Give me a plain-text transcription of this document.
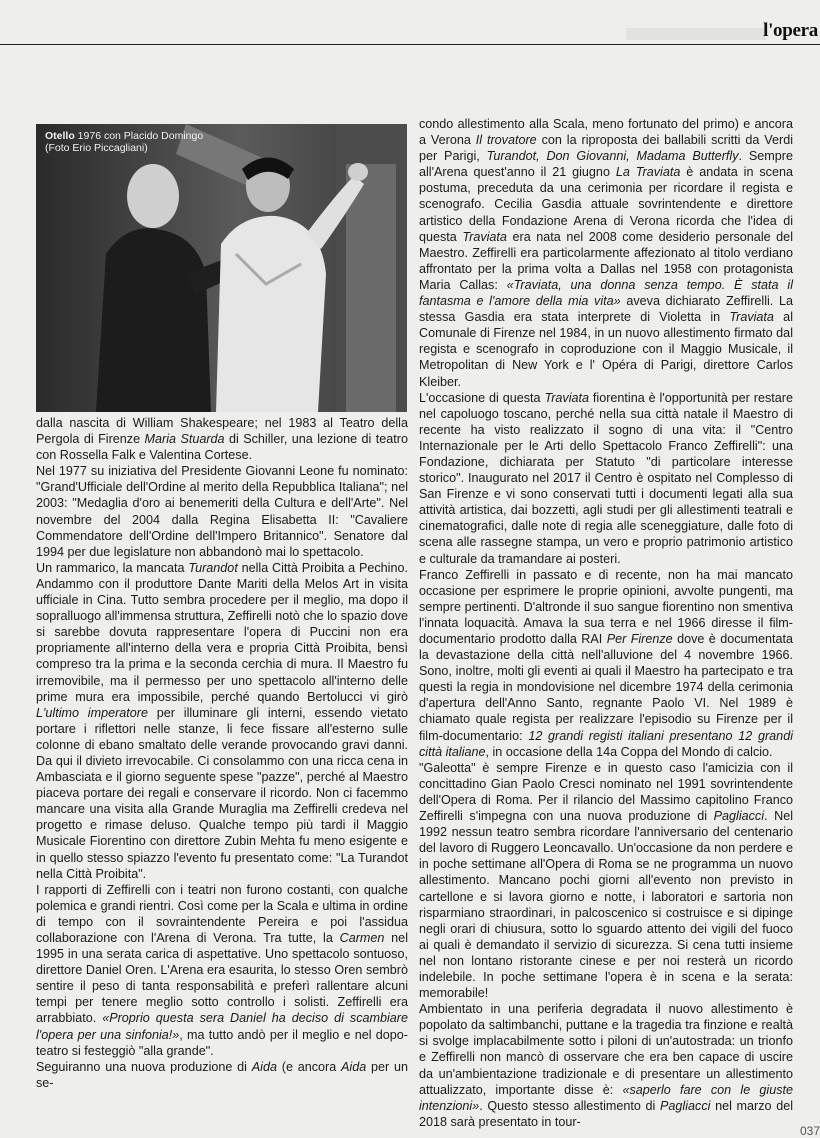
l'opera
Otello 1976 con Placido Domingo
(Foto Erio Piccagliani)

dalla nascita di William Shakespeare; nel 1983 al Teatro della Pergola di Firenze Maria Stuarda di Schiller, una lezione di teatro con Rossella Falk e Valentina Cortese.

Nel 1977 su iniziativa del Presidente Giovanni Leone fu nominato: "Grand'Ufficiale dell'Ordine al merito della Repubblica Italiana"; nel 2003: "Medaglia d'oro ai benemeriti della Cultura e dell'Arte". Nel novembre del 2004 dalla Regina Elisabetta II: "Cavaliere Commendatore dell'Ordine dell'Impero Britannico". Senatore dal 1994 per due legislature non abbandonò mai lo spettacolo.

Un rammarico, la mancata Turandot nella Città Proibita a Pechino. Andammo con il produttore Dante Mariti della Melos Art in visita ufficiale in Cina. Tutto sembra procedere per il meglio, ma dopo il sopralluogo all'immensa struttura, Zeffirelli notò che lo spazio dove si sarebbe dovuta rappresentare l'opera di Puccini non era propriamente all'interno della vera e propria Città Proibita, bensì compreso tra la prima e la seconda cerchia di mura. Il Maestro fu irremovibile, ma il permesso per uno spettacolo all'interno delle prime mura era impossibile, perché quando Bertolucci vi girò L'ultimo imperatore per illuminare gli interni, essendo vietato portare i riflettori nelle stanze, li fece fissare all'esterno sulle colonne di ebano smaltato delle verande provocando gravi danni. Da qui il divieto irrevocabile. Ci consolammo con una ricca cena in Ambasciata e il giorno seguente spese "pazze", perché al Maestro piaceva portare dei regali e conservare il ricordo. Non ci facemmo mancare una visita alla Grande Muraglia ma Zeffirelli credeva nel progetto e rimase deluso. Qualche tempo più tardi il Maggio Musicale Fiorentino con direttore Zubin Mehta fu meno esigente e in quello stesso spiazzo l'evento fu presentato come: "La Turandot nella Città Proibita".

I rapporti di Zeffirelli con i teatri non furono costanti, con qualche polemica e grandi rientri. Così come per la Scala e ultima in ordine di tempo con il sovraintendente Pereira e poi l'assidua collaborazione con l'Arena di Verona. Tra tutte, la Carmen nel 1995 in una serata carica di aspettative. Uno spettacolo sontuoso, direttore Daniel Oren. L'Arena era esaurita, lo stesso Oren sembrò sentire il peso di tanta responsabilità e preferì rallentare alcuni tempi per tenere meglio sotto controllo i solisti. Zeffirelli era arrabbiato. «Proprio questa sera Daniel ha deciso di scambiare l'opera per una sinfonia!», ma tutto andò per il meglio e nel dopo-teatro si festeggiò "alla grande".

Seguiranno una nuova produzione di Aida (e ancora Aida per un se-

condo allestimento alla Scala, meno fortunato del primo) e ancora a Verona Il trovatore con la riproposta dei ballabili scritti da Verdi per Parigi, Turandot, Don Giovanni, Madama Butterfly. Sempre all'Arena quest'anno il 21 giugno La Traviata è andata in scena postuma, preceduta da una cerimonia per ricordare il regista e scenografo. Cecilia Gasdia attuale sovrintendente e direttore artistico della Fondazione Arena di Verona ricorda che l'idea di questa Traviata era nata nel 2008 come desiderio personale del Maestro. Zeffirelli era particolarmente affezionato al titolo verdiano affrontato per la prima volta a Dallas nel 1958 con protagonista Maria Callas: «Traviata, una donna senza tempo. È stata il fantasma e l'amore della mia vita» aveva dichiarato Zeffirelli. La stessa Gasdia era stata interprete di Violetta in Traviata al Comunale di Firenze nel 1984, in un nuovo allestimento firmato dal regista e scenografo in coproduzione con il Maggio Musicale, il Metropolitan di New York e l' Opéra di Parigi, direttore Carlos Kleiber.

L'occasione di questa Traviata fiorentina è l'opportunità per restare nel capoluogo toscano, perché nella sua città natale il Maestro di recente ha visto realizzato il sogno di una vita: il "Centro Internazionale per le Arti dello Spettacolo Franco Zeffirelli": una Fondazione, dichiarata per Statuto "di particolare interesse storico". Inaugurato nel 2017 il Centro è ospitato nel Complesso di San Firenze e vi sono conservati tutti i documenti legati alla sua attività artistica, dai bozzetti, agli studi per gli allestimenti teatrali e cinematografici, dalle note di regia alle sceneggiature, dalle foto di scena alle rassegne stampa, un vero e proprio patrimonio artistico e culturale da tramandare ai posteri.

Franco Zeffirelli in passato e di recente, non ha mai mancato occasione per esprimere le proprie opinioni, avvolte pungenti, ma sempre pertinenti. D'altronde il suo sangue fiorentino non smentiva l'innata loquacità. Amava la sua terra e nel 1966 diresse il film-documentario prodotto dalla RAI Per Firenze dove è documentata la devastazione della città nell'alluvione del 4 novembre 1966. Sono, inoltre, molti gli eventi ai quali il Maestro ha partecipato e tra questi la regia in mondovisione nel dicembre 1974 della cerimonia d'apertura dell'Anno Santo, regnante Paolo VI. Nel 1989 è chiamato quale regista per realizzare l'episodio su Firenze per il film-documentario: 12 grandi registi italiani presentano 12 grandi città italiane, in occasione della 14a Coppa del Mondo di calcio.

"Galeotta" è sempre Firenze e in questo caso l'amicizia con il concittadino Gian Paolo Cresci nominato nel 1991 sovrintendente dell'Opera di Roma. Per il rilancio del Massimo capitolino Franco Zeffirelli s'impegna con una nuova produzione di Pagliacci. Nel 1992 nessun teatro sembra ricordare l'anniversario del centenario del lavoro di Ruggero Leoncavallo. Un'occasione da non perdere e in poche settimane all'Opera di Roma se ne programma un nuovo allestimento. Mancano pochi giorni all'evento non previsto in cartellone e si lavora giorno e notte, i laboratori e sartoria non risparmiano straordinari, in palcoscenico si costruisce e si dipinge negli orari di chiusura, sotto lo sguardo attento dei vigili del fuoco ai quali è demandato il servizio di sicurezza. Si cena tutti insieme nel non lontano ristorante cinese e per noi resterà un ricordo indelebile. In poche settimane l'opera è in scena e la serata: memorabile!

Ambientato in una periferia degradata il nuovo allestimento è popolato da saltimbanchi, puttane e la tragedia tra finzione e realtà si svolge implacabilmente sotto i piloni di un'autostrada: un trionfo e Zeffirelli non mancò di osservare che era ben capace di uscire da un'ambientazione tradizionale e di presentare un allestimento attualizzato, importante disse è: «saperlo fare con le giuste intenzioni». Questo stesso allestimento di Pagliacci nel marzo del 2018 sarà presentato in tour-

037
